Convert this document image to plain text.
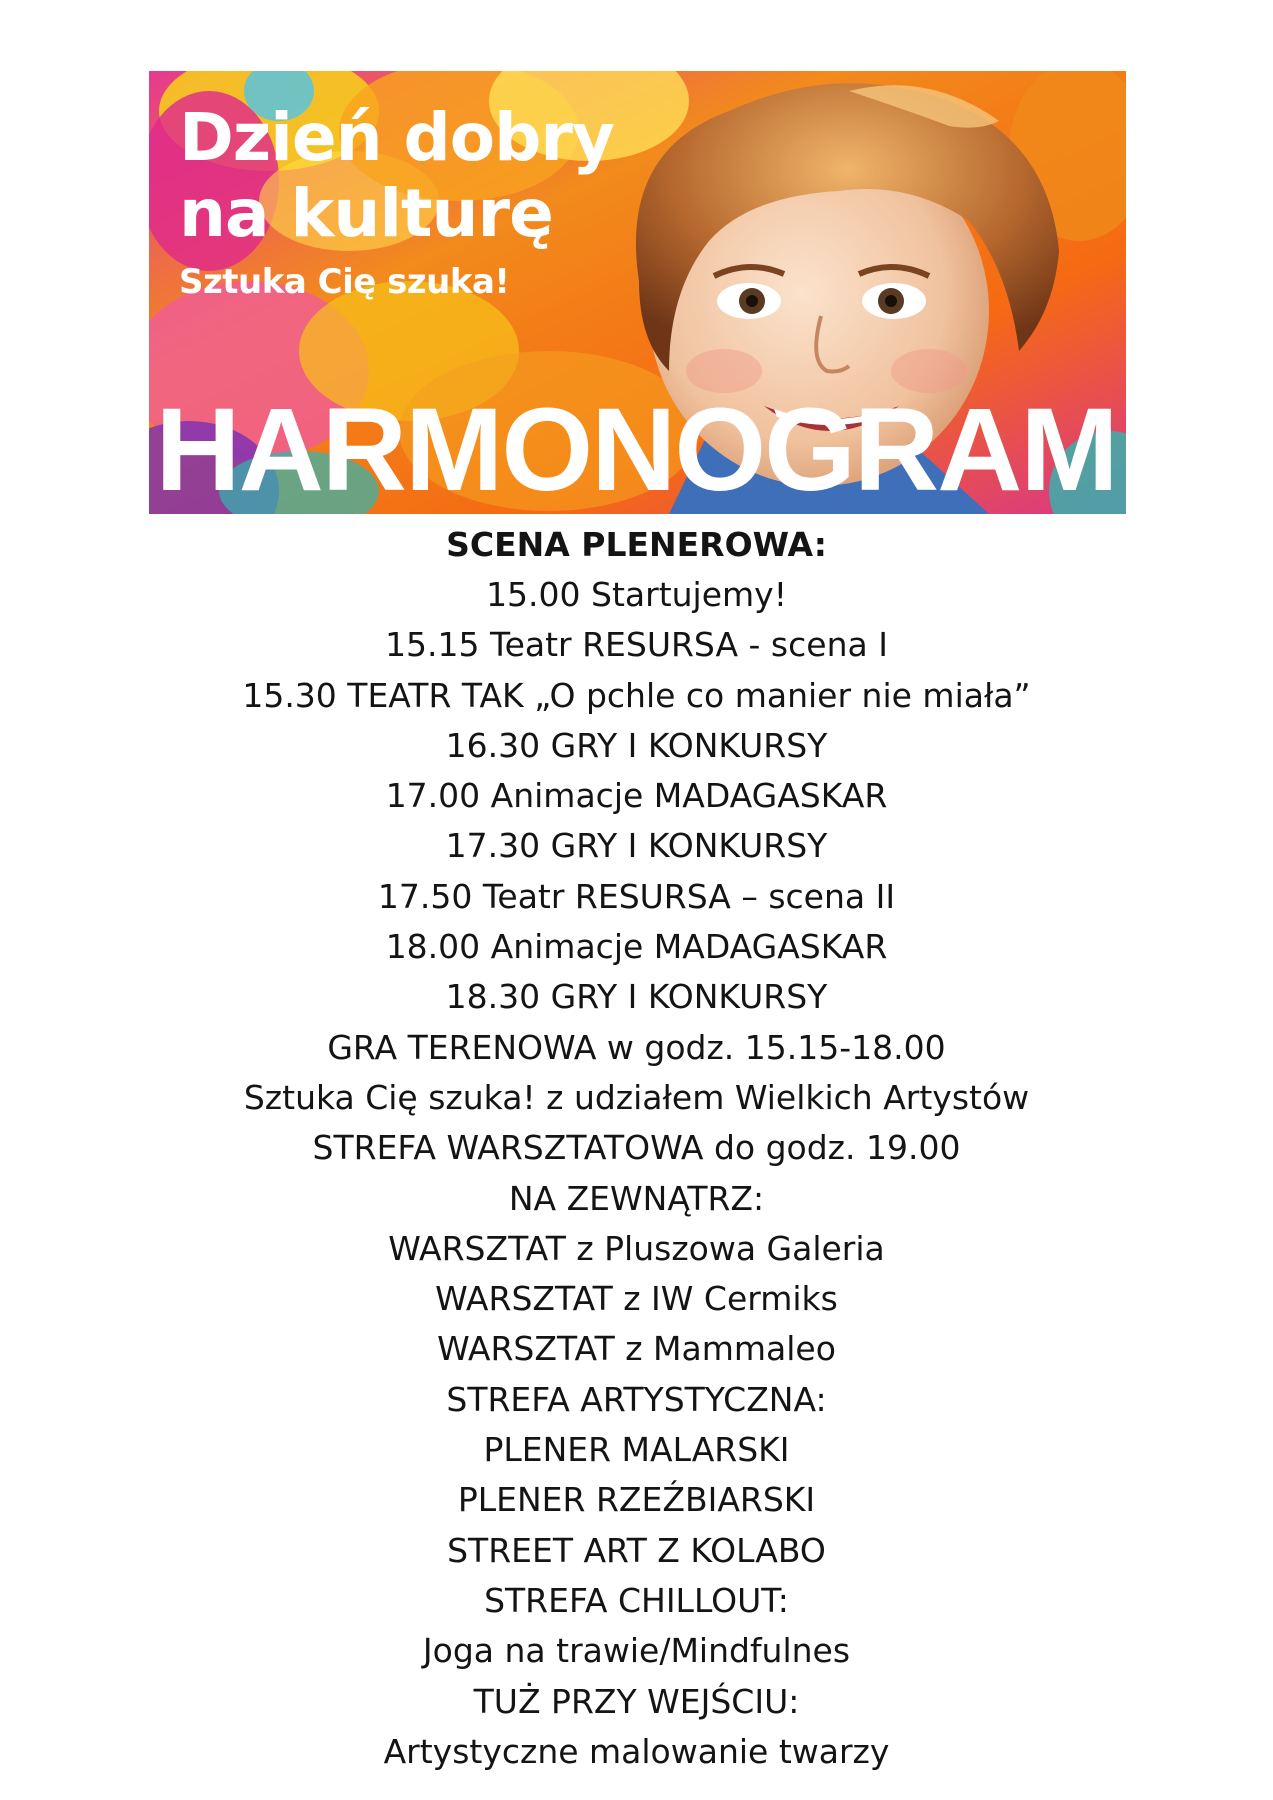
Dzień dobry
na kulturę
Sztuka Cię szuka!
HARMONOGRAM
SCENA PLENEROWA:
15.00 Startujemy!
15.15 Teatr RESURSA - scena I
15.30 TEATR TAK „O pchle co manier nie miała”
16.30 GRY I KONKURSY
17.00 Animacje MADAGASKAR
17.30 GRY I KONKURSY
17.50 Teatr RESURSA – scena II
18.00 Animacje MADAGASKAR
18.30 GRY I KONKURSY
GRA TERENOWA w godz. 15.15-18.00
Sztuka Cię szuka! z udziałem Wielkich Artystów
STREFA WARSZTATOWA do godz. 19.00
NA ZEWNĄTRZ:
WARSZTAT z Pluszowa Galeria
WARSZTAT z IW Cermiks
WARSZTAT z Mammaleo
STREFA ARTYSTYCZNA:
PLENER MALARSKI
PLENER RZEŹBIARSKI
STREET ART Z KOLABO
STREFA CHILLOUT:
Joga na trawie/Mindfulnes
TUŻ PRZY WEJŚCIU:
Artystyczne malowanie twarzy
